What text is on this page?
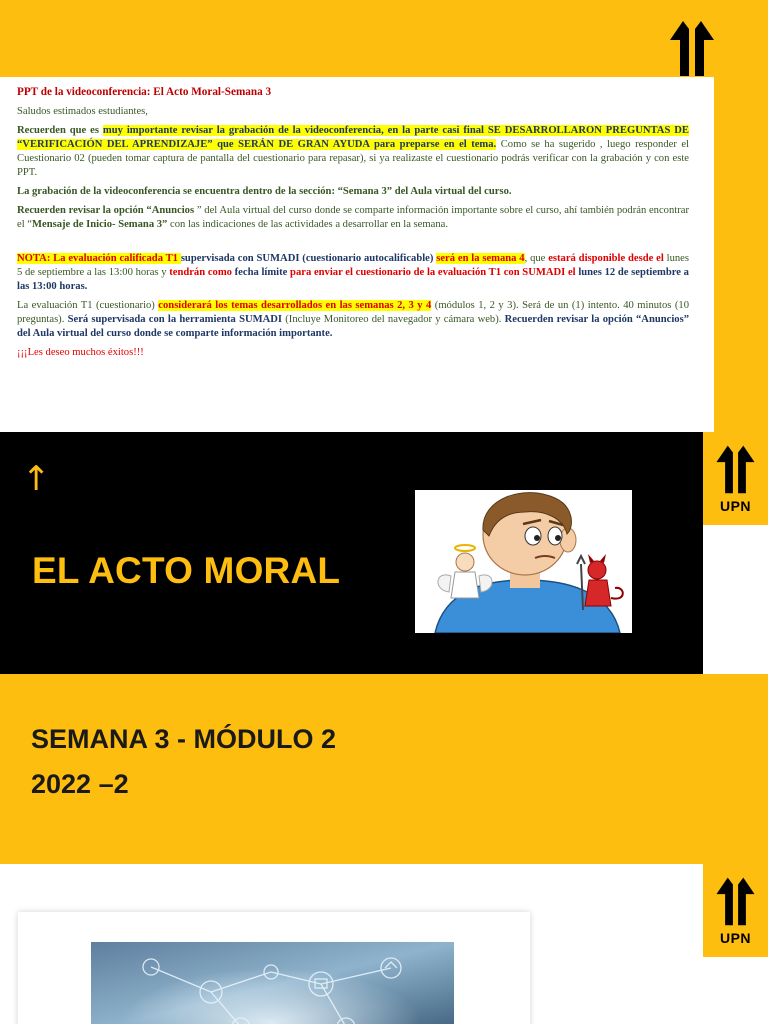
PPT de la videoconferencia: El Acto Moral-Semana 3

Saludos estimados estudiantes,

Recuerden que es muy importante revisar la grabación de la videoconferencia, en la parte casi final SE DESARROLLARON PREGUNTAS DE “VERIFICACIÓN DEL APRENDIZAJE” que SERÁN DE GRAN AYUDA para preparse en el tema. Como se ha sugerido , luego responder el Cuestionario 02 (pueden tomar captura de pantalla del cuestionario para repasar), si ya realizaste el cuestionario podrás verificar con la grabación y con este PPT.

La grabación de la videoconferencia se encuentra dentro de la sección: “Semana 3” del Aula virtual del curso.

Recuerden revisar la opción “Anuncios ” del Aula virtual del curso donde se comparte información importante sobre el curso, ahí también podrán encontrar el “Mensaje de Inicio- Semana 3” con las indicaciones de las actividades a desarrollar en la semana.

NOTA: La evaluación calificada T1 supervisada con SUMADI (cuestionario autocalificable) será en la semana 4, que estará disponible desde el lunes 5 de septiembre a las 13:00 horas y tendrán como fecha límite para enviar el cuestionario de la evaluación T1 con SUMADI el lunes 12 de septiembre a las 13:00 horas.

La evaluación T1 (cuestionario) considerará los temas desarrollados en las semanas 2, 3 y 4 (módulos 1, 2 y 3). Será de un (1) intento. 40 minutos (10 preguntas). Será supervisada con la herramienta SUMADI (Incluye Monitoreo del navegador y cámara web). Recuerden revisar la opción “Anuncios” del Aula virtual del curso donde se comparte información importante.

¡¡¡Les deseo muchos éxitos!!!

↑
EL ACTO MORAL
UPN
SEMANA 3 - MÓDULO 2
2022 –2
UPN
